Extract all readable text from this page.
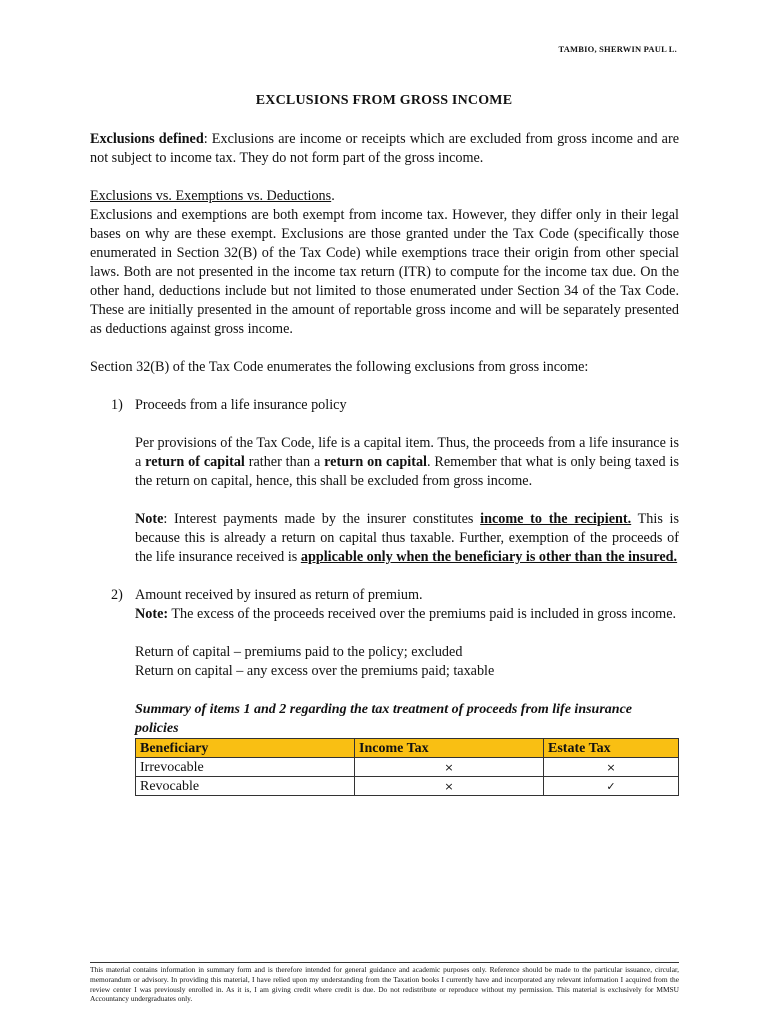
TAMBIO, SHERWIN PAUL L.
EXCLUSIONS FROM GROSS INCOME

Exclusions defined: Exclusions are income or receipts which are excluded from gross income and are not subject to income tax. They do not form part of the gross income.

Exclusions vs. Exemptions vs. Deductions.

Exclusions and exemptions are both exempt from income tax. However, they differ only in their legal bases on why are these exempt. Exclusions are those granted under the Tax Code (specifically those enumerated in Section 32(B) of the Tax Code) while exemptions trace their origin from other special laws. Both are not presented in the income tax return (ITR) to compute for the income tax due. On the other hand, deductions include but not limited to those enumerated under Section 34 of the Tax Code. These are initially presented in the amount of reportable gross income and will be separately presented as deductions against gross income.

Section 32(B) of the Tax Code enumerates the following exclusions from gross income:

1) Proceeds from a life insurance policy

Per provisions of the Tax Code, life is a capital item. Thus, the proceeds from a life insurance is a return of capital rather than a return on capital. Remember that what is only being taxed is the return on capital, hence, this shall be excluded from gross income.

Note: Interest payments made by the insurer constitutes income to the recipient. This is because this is already a return on capital thus taxable. Further, exemption of the proceeds of the life insurance received is applicable only when the beneficiary is other than the insured.

2) Amount received by insured as return of premium.

Note: The excess of the proceeds received over the premiums paid is included in gross income.

Return of capital – premiums paid to the policy; excluded

Return on capital – any excess over the premiums paid; taxable

Summary of items 1 and 2 regarding the tax treatment of proceeds from life insurance policies

Beneficiary	Income Tax	Estate Tax
Irrevocable	×	×
Revocable	×	✓
This material contains information in summary form and is therefore intended for general guidance and academic purposes only. Reference should be made to the particular issuance, circular, memorandum or advisory. In providing this material, I have relied upon my understanding from the Taxation books I currently have and incorporated any relevant information I acquired from the review center I was previously enrolled in. As it is, I am giving credit where credit is due. Do not redistribute or reproduce without my permission. This material is exclusively for MMSU Accountancy undergraduates only.
